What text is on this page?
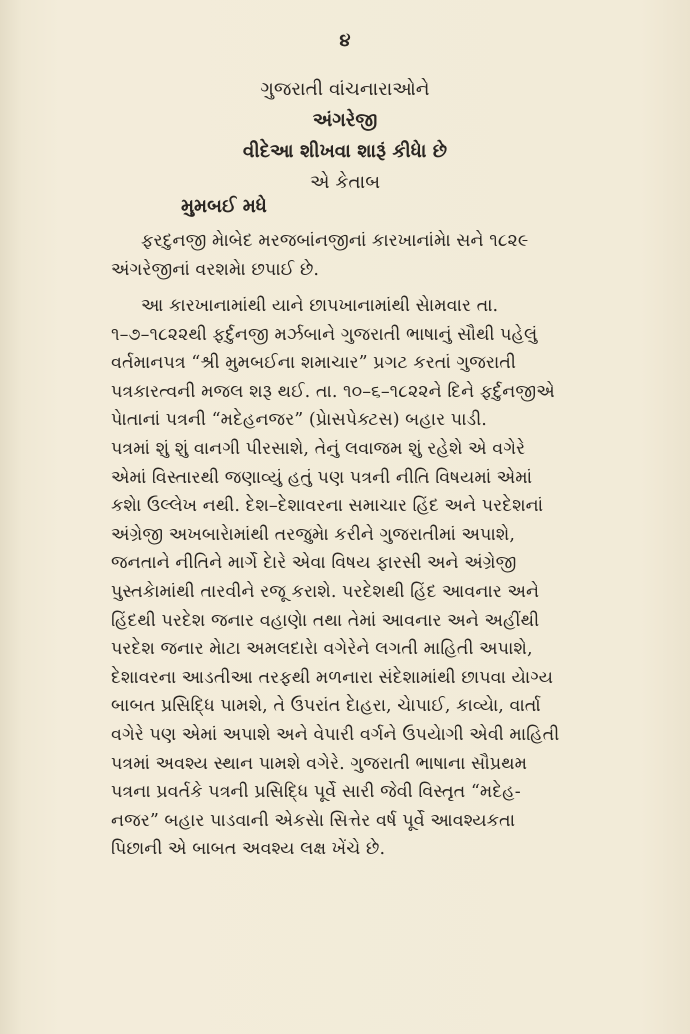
૪
ગુજરાતી વાંચનારાઓને
અંગરેજી
વીદેઆ શીખવા શારૂં કીધેા છે
એ કેતાબ
મુમબઈ મધે
ફરદુનજી મેાબેદ મરજબાંનજીનાં કારખાનાંમેા સને ૧૮૨૯
અંગરેજીનાં વરશમેા છપાઈ છે.
આ કારખાનામાંથી યાને છાપખાનામાંથી સેામવાર તા.
૧–૭–૧૮૨૨થી ફર્દુનજી મર્ઝબાને ગુજરાતી ભાષાનું સૌથી પહેલું
વર્તમાનપત્ર “શ્રી મુમબઈના શમાચાર” પ્રગટ કરતાં ગુજરાતી
પત્રકારત્વની મજલ શરૂ થઈ. તા. ૧૦–૬–૧૮૨૨ને દિને ફર્દુનજીએ
પેાતાનાં પત્રની “મદેહનજર” (પ્રેાસપેક્ટસ) બહાર પાડી.
પત્રમાં શું શું વાનગી પીરસાશે, તેનું લવાજમ શું રહેશે એ વગેરે
એમાં વિસ્તારથી જણાવ્યું હતું પણ પત્રની નીતિ વિષયમાં એમાં
કશેા ઉલ્લેખ નથી. દેશ–દેશાવરના સમાચાર હિંદ અને પરદેશનાં
અંગ્રેજી અખબારેામાંથી તરજુમેા કરીને ગુજરાતીમાં અપાશે,
જનતાને નીતિને માર્ગે દેારે એવા વિષય ફારસી અને અંગ્રેજી
પુસ્તકેામાંથી તારવીને રજૂ કરાશે. પરદેશથી હિંદ આવનાર અને
હિંદથી પરદેશ જનાર વહાણેા તથા તેમાં આવનાર અને અહીંથી
પરદેશ જનાર મેાટા અમલદારેા વગેરેને લગતી માહિતી અપાશે,
દેશાવરના આડતીઆ તરફથી મળનારા સંદેશામાંથી છાપવા યેાગ્ય
બાબત પ્રસિદ્ધિ પામશે, તે ઉપરાંત દેાહરા, ચેાપાઈ, કાવ્યેા, વાર્તા
વગેરે પણ એમાં અપાશે અને વેપારી વર્ગને ઉપયેાગી એવી માહિતી
પત્રમાં અવશ્ય સ્થાન પામશે વગેરે. ગુજરાતી ભાષાના સૌપ્રથમ
પત્રના પ્રવર્તકે પત્રની પ્રસિદ્ધિ પૂર્વે સારી જેવી વિસ્તૃત “મદેહ-
નજર” બહાર પાડવાની એકસેા સિત્તેર વર્ષ પૂર્વે આવશ્યકતા
પિછાની એ બાબત અવશ્ય લક્ષ ખેંચે છે.
